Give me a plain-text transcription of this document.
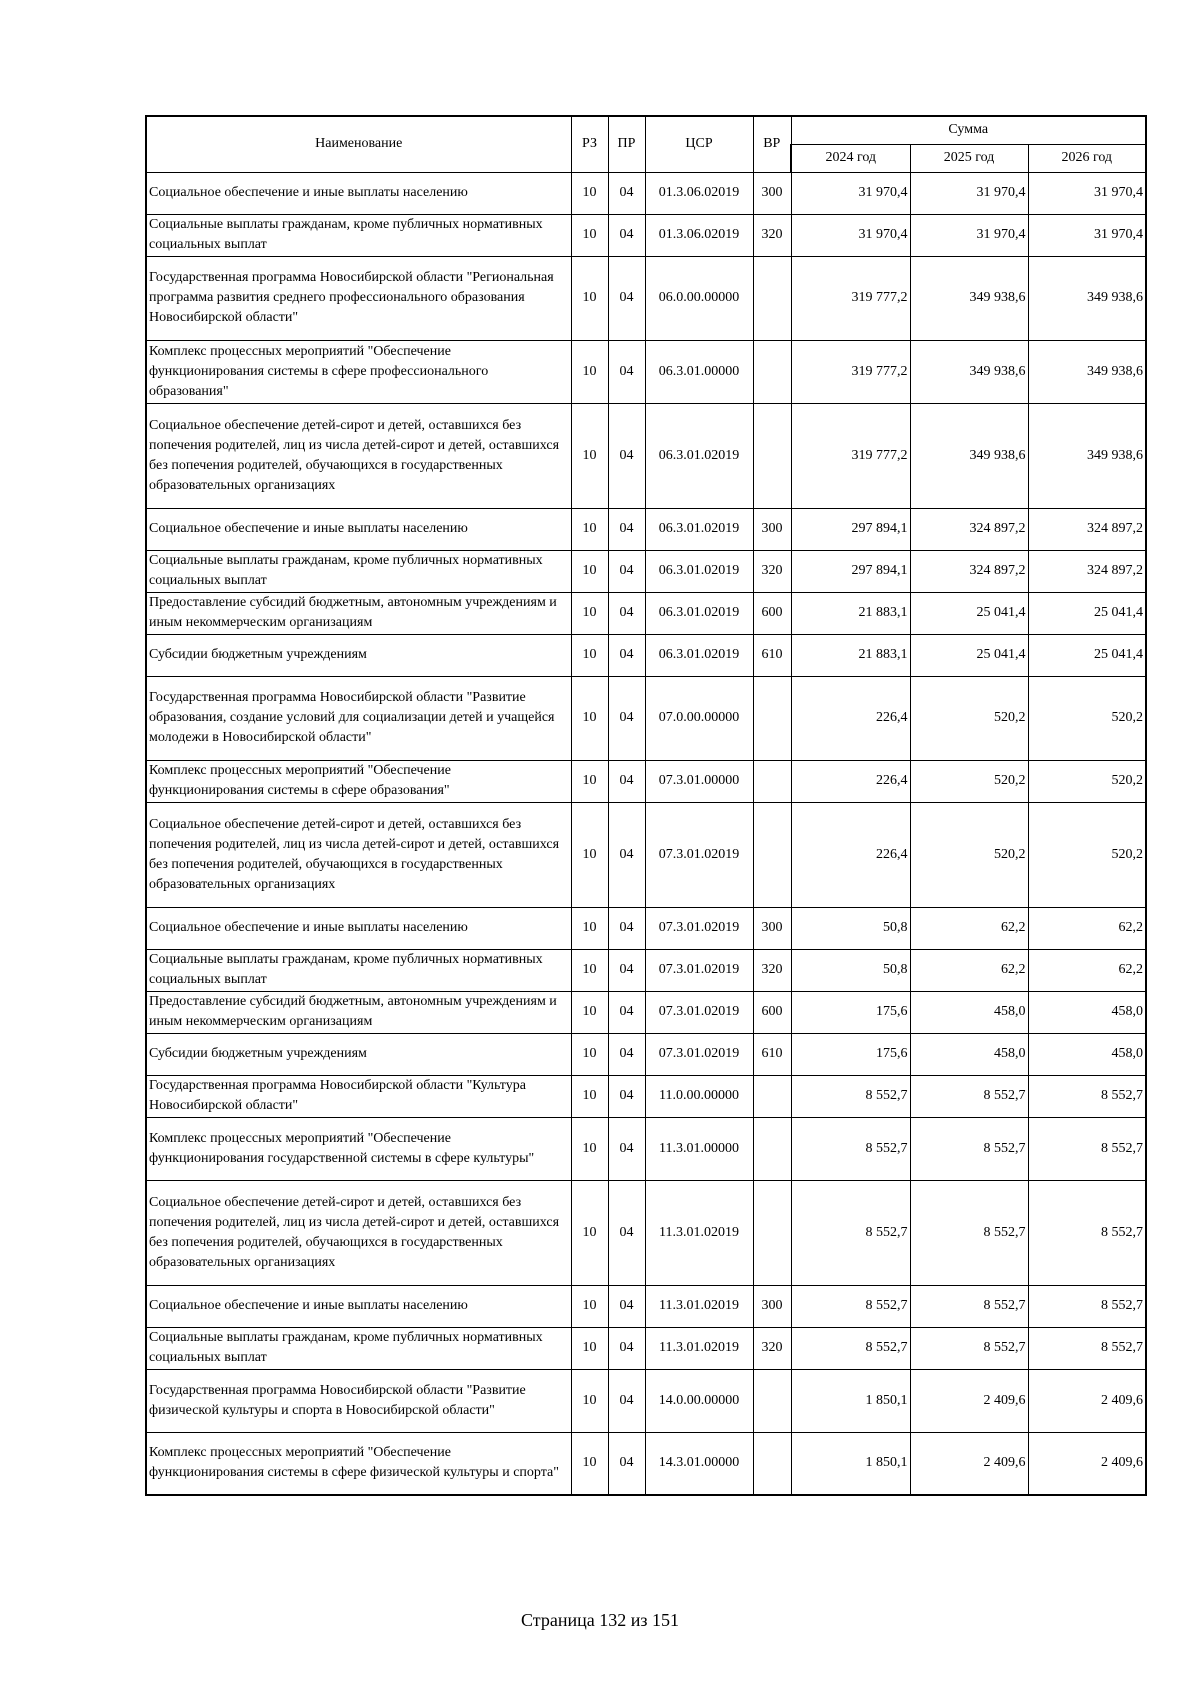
Наименование	РЗ	ПР	ЦСР	ВР	Сумма		
					2024 год	2025 год	2026 год
Социальное обеспечение и иные выплаты населению	10	04	01.3.06.02019	300	31 970,4	31 970,4	31 970,4
Социальные выплаты гражданам, кроме публичных нормативных социальных выплат	10	04	01.3.06.02019	320	31 970,4	31 970,4	31 970,4
Государственная программа Новосибирской области "Региональная программа развития среднего профессионального образования Новосибирской области"	10	04	06.0.00.00000		319 777,2	349 938,6	349 938,6
Комплекс процессных мероприятий "Обеспечение функционирования системы в сфере профессионального образования"	10	04	06.3.01.00000		319 777,2	349 938,6	349 938,6
Социальное обеспечение детей-сирот и детей, оставшихся без попечения родителей, лиц из числа детей-сирот и детей, оставшихся без попечения родителей, обучающихся в государственных образовательных организациях	10	04	06.3.01.02019		319 777,2	349 938,6	349 938,6
Социальное обеспечение и иные выплаты населению	10	04	06.3.01.02019	300	297 894,1	324 897,2	324 897,2
Социальные выплаты гражданам, кроме публичных нормативных социальных выплат	10	04	06.3.01.02019	320	297 894,1	324 897,2	324 897,2
Предоставление субсидий бюджетным, автономным учреждениям и иным некоммерческим организациям	10	04	06.3.01.02019	600	21 883,1	25 041,4	25 041,4
Субсидии бюджетным учреждениям	10	04	06.3.01.02019	610	21 883,1	25 041,4	25 041,4
Государственная программа Новосибирской области "Развитие образования, создание условий для социализации детей и учащейся молодежи в Новосибирской области"	10	04	07.0.00.00000		226,4	520,2	520,2
Комплекс процессных мероприятий "Обеспечение функционирования системы в сфере образования"	10	04	07.3.01.00000		226,4	520,2	520,2
Социальное обеспечение детей-сирот и детей, оставшихся без попечения родителей, лиц из числа детей-сирот и детей, оставшихся без попечения родителей, обучающихся в государственных образовательных организациях	10	04	07.3.01.02019		226,4	520,2	520,2
Социальное обеспечение и иные выплаты населению	10	04	07.3.01.02019	300	50,8	62,2	62,2
Социальные выплаты гражданам, кроме публичных нормативных социальных выплат	10	04	07.3.01.02019	320	50,8	62,2	62,2
Предоставление субсидий бюджетным, автономным учреждениям и иным некоммерческим организациям	10	04	07.3.01.02019	600	175,6	458,0	458,0
Субсидии бюджетным учреждениям	10	04	07.3.01.02019	610	175,6	458,0	458,0
Государственная программа Новосибирской области "Культура Новосибирской области"	10	04	11.0.00.00000		8 552,7	8 552,7	8 552,7
Комплекс процессных мероприятий "Обеспечение функционирования государственной системы в сфере культуры"	10	04	11.3.01.00000		8 552,7	8 552,7	8 552,7
Социальное обеспечение детей-сирот и детей, оставшихся без попечения родителей, лиц из числа детей-сирот и детей, оставшихся без попечения родителей, обучающихся в государственных образовательных организациях	10	04	11.3.01.02019		8 552,7	8 552,7	8 552,7
Социальное обеспечение и иные выплаты населению	10	04	11.3.01.02019	300	8 552,7	8 552,7	8 552,7
Социальные выплаты гражданам, кроме публичных нормативных социальных выплат	10	04	11.3.01.02019	320	8 552,7	8 552,7	8 552,7
Государственная программа Новосибирской области "Развитие физической культуры и спорта в Новосибирской области"	10	04	14.0.00.00000		1 850,1	2 409,6	2 409,6
Комплекс процессных мероприятий "Обеспечение функционирования системы в сфере физической культуры и спорта"	10	04	14.3.01.00000		1 850,1	2 409,6	2 409,6
Страница 132 из 151
